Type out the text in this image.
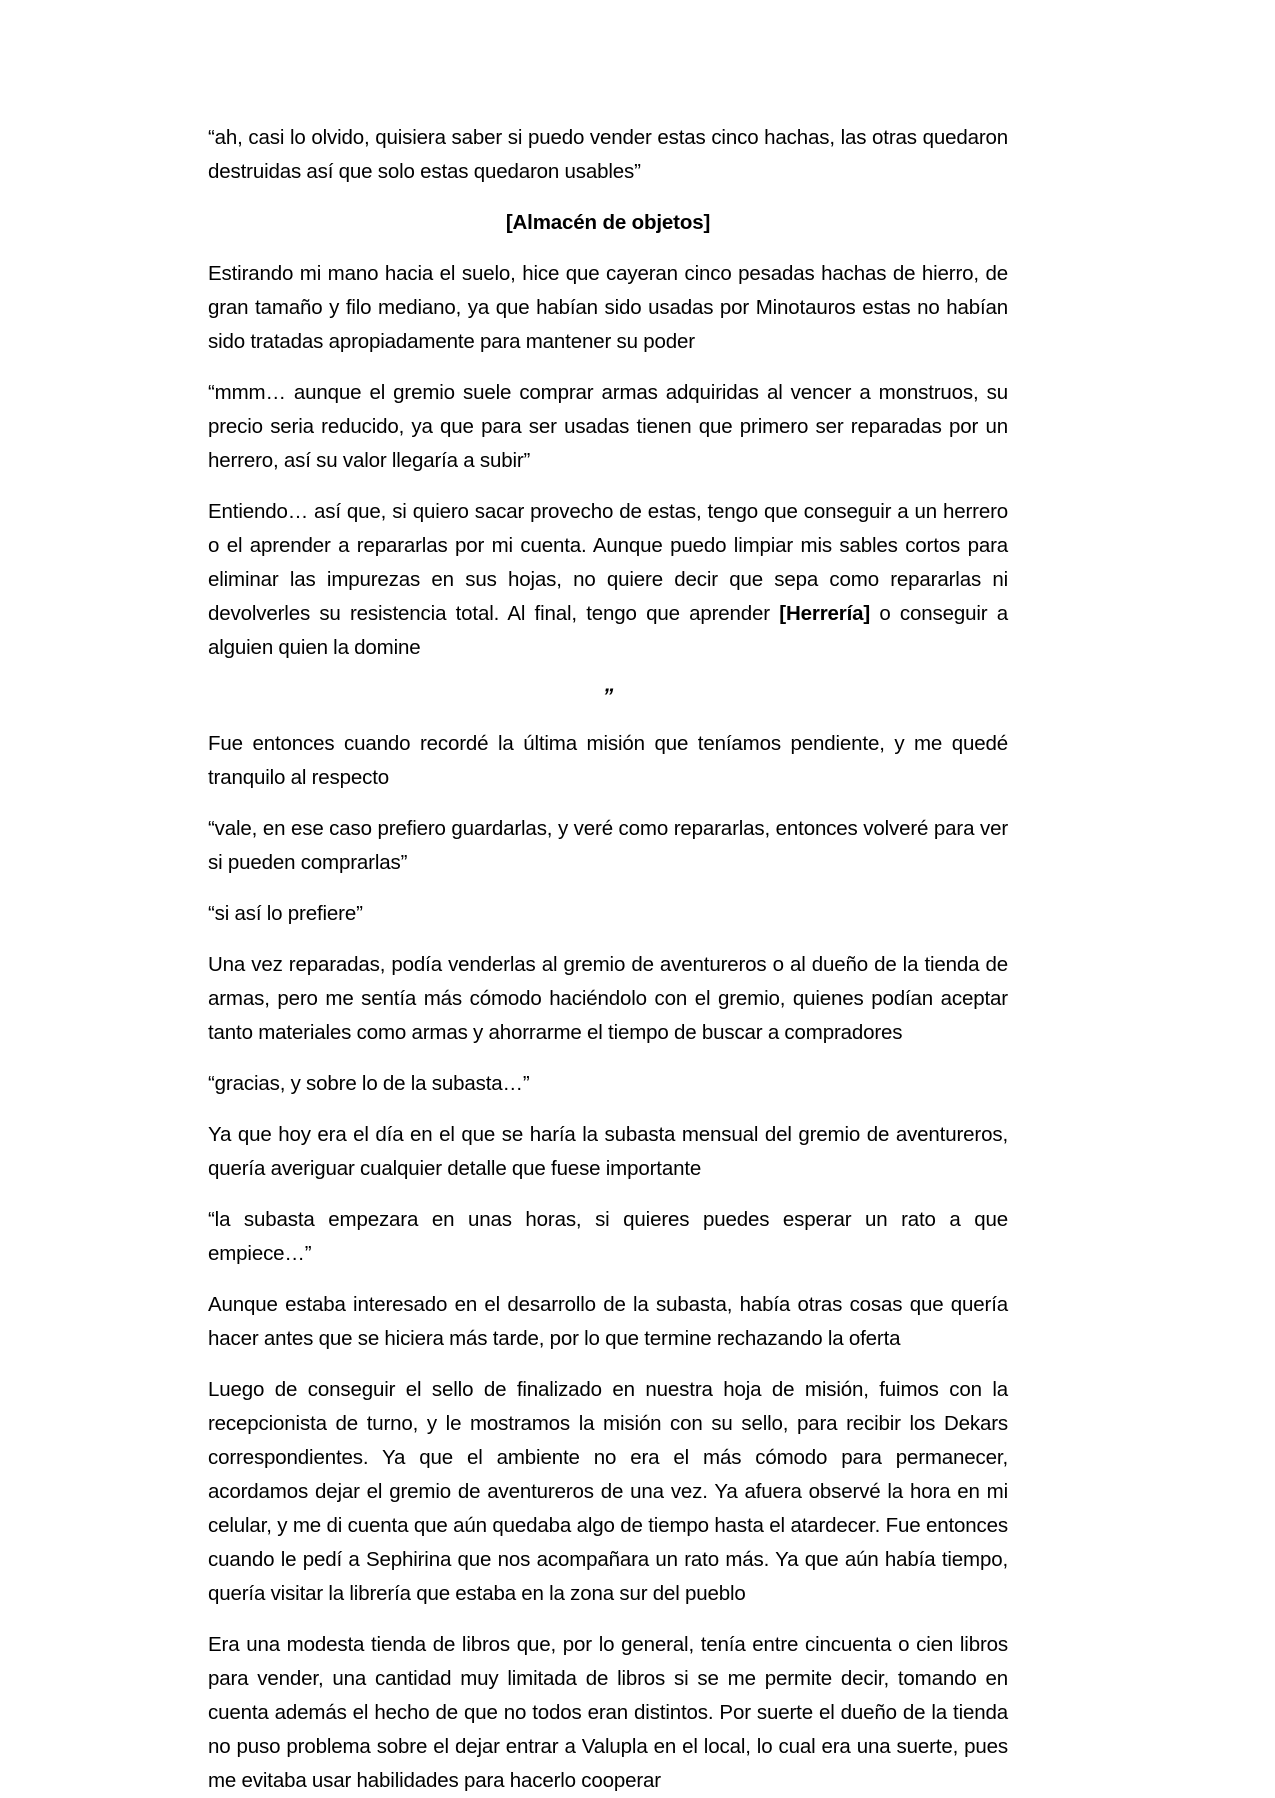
“ah, casi lo olvido, quisiera saber si puedo vender estas cinco hachas, las otras quedaron destruidas así que solo estas quedaron usables”

[Almacén de objetos]

Estirando mi mano hacia el suelo, hice que cayeran cinco pesadas hachas de hierro, de gran tamaño y filo mediano, ya que habían sido usadas por Minotauros estas no habían sido tratadas apropiadamente para mantener su poder

“mmm… aunque el gremio suele comprar armas adquiridas al vencer a monstruos, su precio seria reducido, ya que para ser usadas tienen que primero ser reparadas por un herrero, así su valor llegaría a subir”

Entiendo… así que, si quiero sacar provecho de estas, tengo que conseguir a un herrero o el aprender a repararlas por mi cuenta. Aunque puedo limpiar mis sables cortos para eliminar las impurezas en sus hojas, no quiere decir que sepa como repararlas ni devolverles su resistencia total. Al final, tengo que aprender [Herrería] o conseguir a alguien quien la domine

”

Fue entonces cuando recordé la última misión que teníamos pendiente, y me quedé tranquilo al respecto

“vale, en ese caso prefiero guardarlas, y veré como repararlas, entonces volveré para ver si pueden comprarlas”

“si así lo prefiere”

Una vez reparadas, podía venderlas al gremio de aventureros o al dueño de la tienda de armas, pero me sentía más cómodo haciéndolo con el gremio, quienes podían aceptar tanto materiales como armas y ahorrarme el tiempo de buscar a compradores

“gracias, y sobre lo de la subasta…”

Ya que hoy era el día en el que se haría la subasta mensual del gremio de aventureros, quería averiguar cualquier detalle que fuese importante

“la subasta empezara en unas horas, si quieres puedes esperar un rato a que empiece…”

Aunque estaba interesado en el desarrollo de la subasta, había otras cosas que quería hacer antes que se hiciera más tarde, por lo que termine rechazando la oferta

Luego de conseguir el sello de finalizado en nuestra hoja de misión, fuimos con la recepcionista de turno, y le mostramos la misión con su sello, para recibir los Dekars correspondientes. Ya que el ambiente no era el más cómodo para permanecer, acordamos dejar el gremio de aventureros de una vez. Ya afuera observé la hora en mi celular, y me di cuenta que aún quedaba algo de tiempo hasta el atardecer. Fue entonces cuando le pedí a Sephirina que nos acompañara un rato más. Ya que aún había tiempo, quería visitar la librería que estaba en la zona sur del pueblo

Era una modesta tienda de libros que, por lo general, tenía entre cincuenta o cien libros para vender, una cantidad muy limitada de libros si se me permite decir, tomando en cuenta además el hecho de que no todos eran distintos. Por suerte el dueño de la tienda no puso problema sobre el dejar entrar a Valupla en el local, lo cual era una suerte, pues me evitaba usar habilidades para hacerlo cooperar
